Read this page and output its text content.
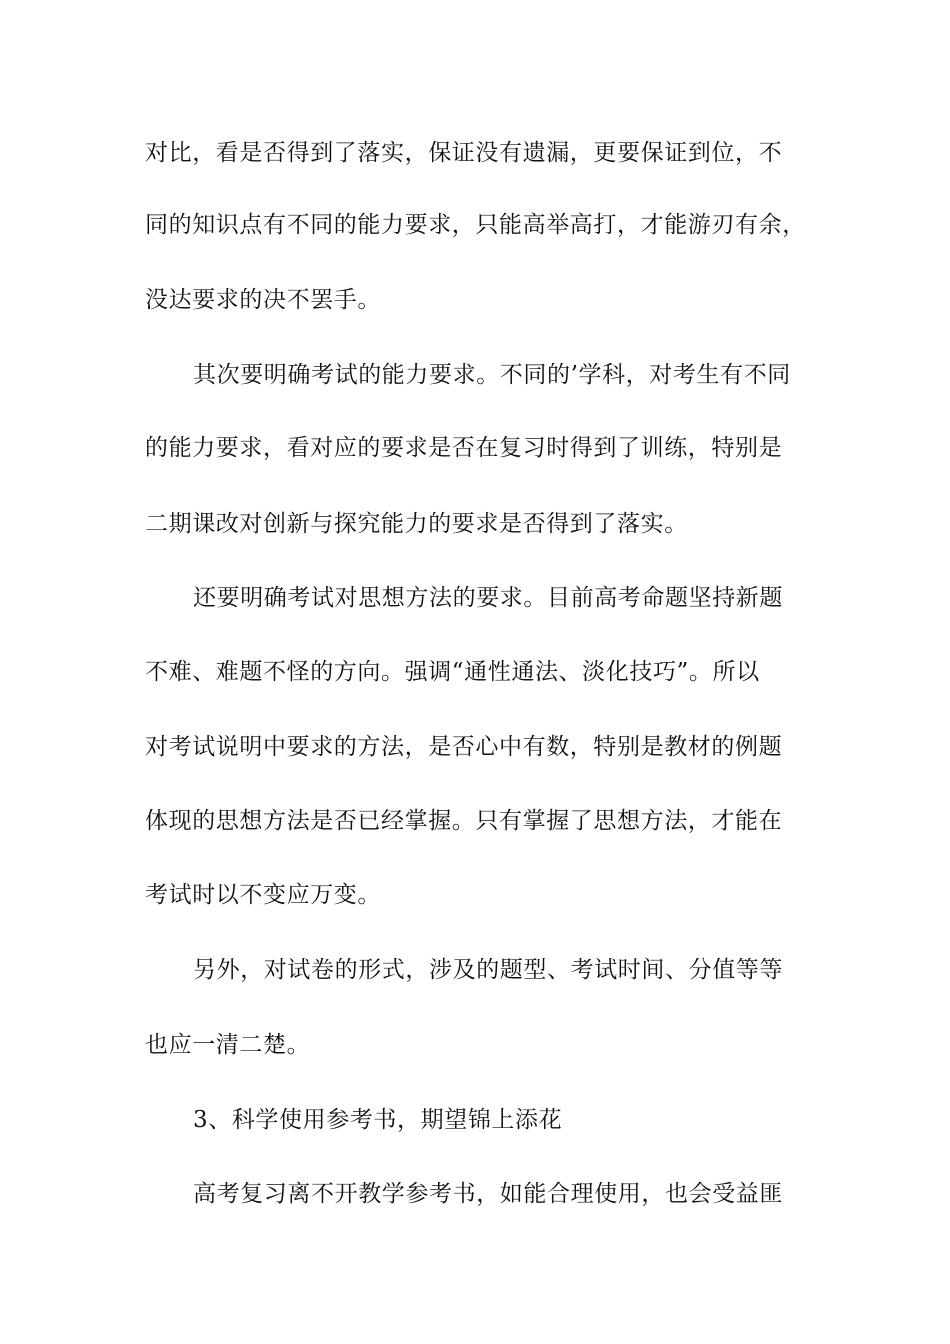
对比，看是否得到了落实，保证没有遗漏，更要保证到位，不
同的知识点有不同的能力要求，只能高举高打，才能游刃有余，
没达要求的决不罢手。
其次要明确考试的能力要求。不同的’学科，对考生有不同
的能力要求，看对应的要求是否在复习时得到了训练，特别是
二期课改对创新与探究能力的要求是否得到了落实。
还要明确考试对思想方法的要求。目前高考命题坚持新题
不难、难题不怪的方向。强调“通性通法、淡化技巧”。所以
对考试说明中要求的方法，是否心中有数，特别是教材的例题
体现的思想方法是否已经掌握。只有掌握了思想方法，才能在
考试时以不变应万变。
另外，对试卷的形式，涉及的题型、考试时间、分值等等
也应一清二楚。
3、科学使用参考书，期望锦上添花
高考复习离不开教学参考书，如能合理使用，也会受益匪
